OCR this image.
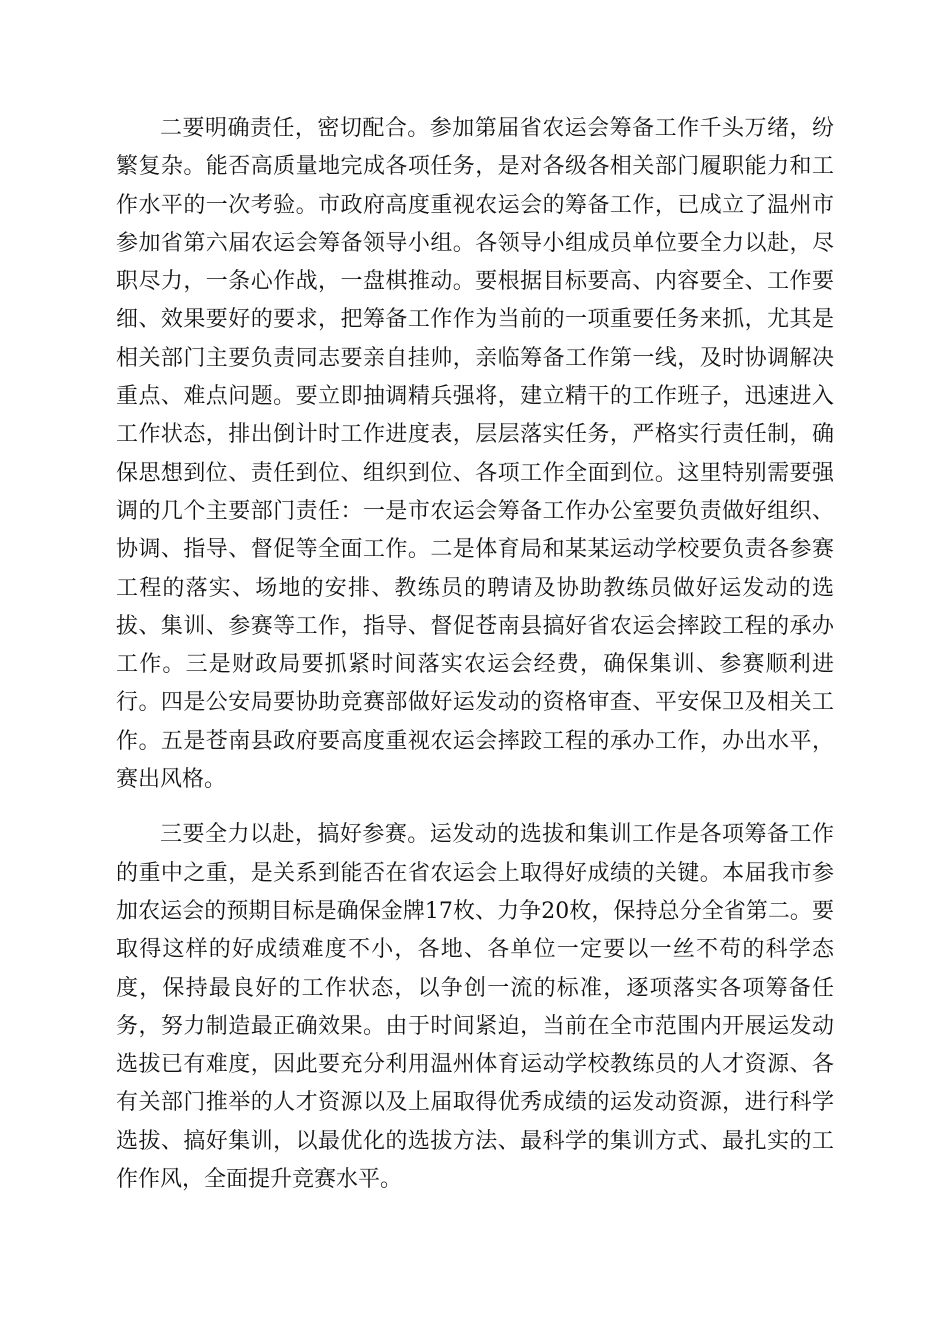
二要明确责任，密切配合。参加第届省农运会筹备工作千头万绪，纷繁复杂。能否高质量地完成各项任务，是对各级各相关部门履职能力和工作水平的一次考验。市政府高度重视农运会的筹备工作，已成立了温州市参加省第六届农运会筹备领导小组。各领导小组成员单位要全力以赴，尽职尽力，一条心作战，一盘棋推动。要根据目标要高、内容要全、工作要细、效果要好的要求，把筹备工作作为当前的一项重要任务来抓，尤其是相关部门主要负责同志要亲自挂帅，亲临筹备工作第一线，及时协调解决重点、难点问题。要立即抽调精兵强将，建立精干的工作班子，迅速进入工作状态，排出倒计时工作进度表，层层落实任务，严格实行责任制，确保思想到位、责任到位、组织到位、各项工作全面到位。这里特别需要强调的几个主要部门责任：一是市农运会筹备工作办公室要负责做好组织、协调、指导、督促等全面工作。二是体育局和某某运动学校要负责各参赛工程的落实、场地的安排、教练员的聘请及协助教练员做好运发动的选拔、集训、参赛等工作，指导、督促苍南县搞好省农运会摔跤工程的承办工作。三是财政局要抓紧时间落实农运会经费，确保集训、参赛顺利进行。四是公安局要协助竞赛部做好运发动的资格审查、平安保卫及相关工作。五是苍南县政府要高度重视农运会摔跤工程的承办工作，办出水平，赛出风格。

三要全力以赴，搞好参赛。运发动的选拔和集训工作是各项筹备工作的重中之重，是关系到能否在省农运会上取得好成绩的关键。本届我市参加农运会的预期目标是确保金牌17枚、力争20枚，保持总分全省第二。要取得这样的好成绩难度不小，各地、各单位一定要以一丝不苟的科学态度，保持最良好的工作状态，以争创一流的标准，逐项落实各项筹备任务，努力制造最正确效果。由于时间紧迫，当前在全市范围内开展运发动选拔已有难度，因此要充分利用温州体育运动学校教练员的人才资源、各有关部门推举的人才资源以及上届取得优秀成绩的运发动资源，进行科学选拔、搞好集训，以最优化的选拔方法、最科学的集训方式、最扎实的工作作风，全面提升竞赛水平。
